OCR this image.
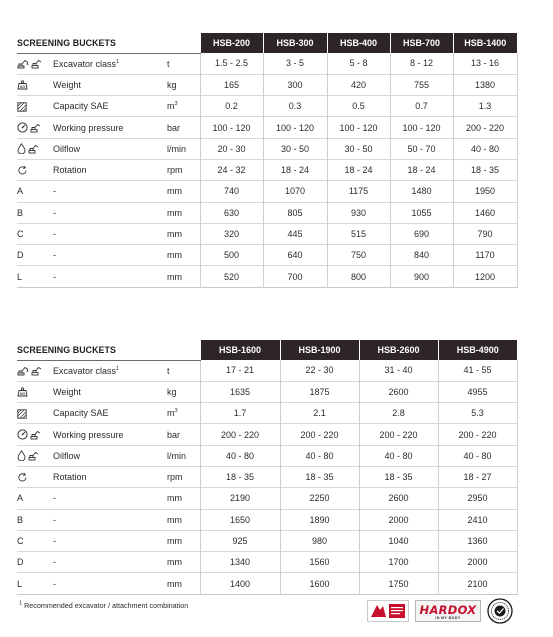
SCREENING BUCKETS			HSB-200	HSB-300	HSB-400	HSB-700	HSB-1400

	Excavator class$^1$	t	1.5 - 2.5	3 - 5	5 - 8	8 - 12	13 - 16

KG	Weight	kg	165	300	420	755	1380

	Capacity SAE	$m^3$	0.2	0.3	0.5	0.7	1.3

	Working pressure	bar	100 - 120	100 - 120	100 - 120	100 - 120	200 - 220

	Oilflow	l/min	20 - 30	30 - 50	30 - 50	50 - 70	40 - 80

	Rotation	rpm	24 - 32	18 - 24	18 - 24	18 - 24	18 - 35
A	-	mm	740	1070	1175	1480	1950
B	-	mm	630	805	930	1055	1460
C	-	mm	320	445	515	690	790
D	-	mm	500	640	750	840	1170
L	-	mm	520	700	800	900	1200
SCREENING BUCKETS			HSB-1600	HSB-1900	HSB-2600	HSB-4900

	Excavator class$^1$	t	17 - 21	22 - 30	31 - 40	41 - 55

KG	Weight	kg	1635	1875	2600	4955

	Capacity SAE	$m^3$	1.7	2.1	2.8	5.3

	Working pressure	bar	200 - 220	200 - 220	200 - 220	200 - 220

	Oilflow	l/min	40 - 80	40 - 80	40 - 80	40 - 80

	Rotation	rpm	18 - 35	18 - 35	18 - 35	18 - 27
A	-	mm	2190	2250	2600	2950
B	-	mm	1650	1890	2000	2410
C	-	mm	925	980	1040	1360
D	-	mm	1340	1560	1700	2000
L	-	mm	1400	1600	1750	2100
$^1$ Recommended excavator / attachment combination	HARDOX
IN MY BODY
